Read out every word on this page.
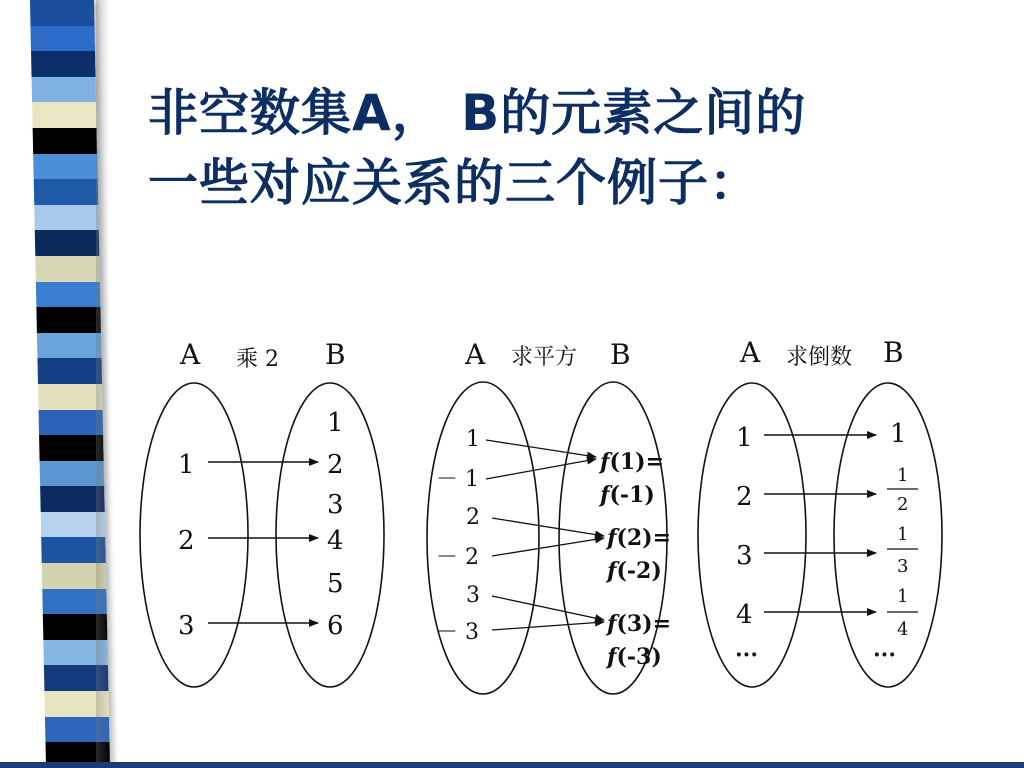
非空数集A， B的元素之间的
一些对应关系的三个例子：
A 乘 2 B
1
2
3
1
2
3
4
5
6
A 求平方 B
1
－ 1
2
－ 2
3
－ 3
f(1)=
f(-1)
f(2)=
f(-2)
f(3)=
f(-3)
A 求倒数 B
1
2
3
4
···
1
1
2
1
3
1
4
···
